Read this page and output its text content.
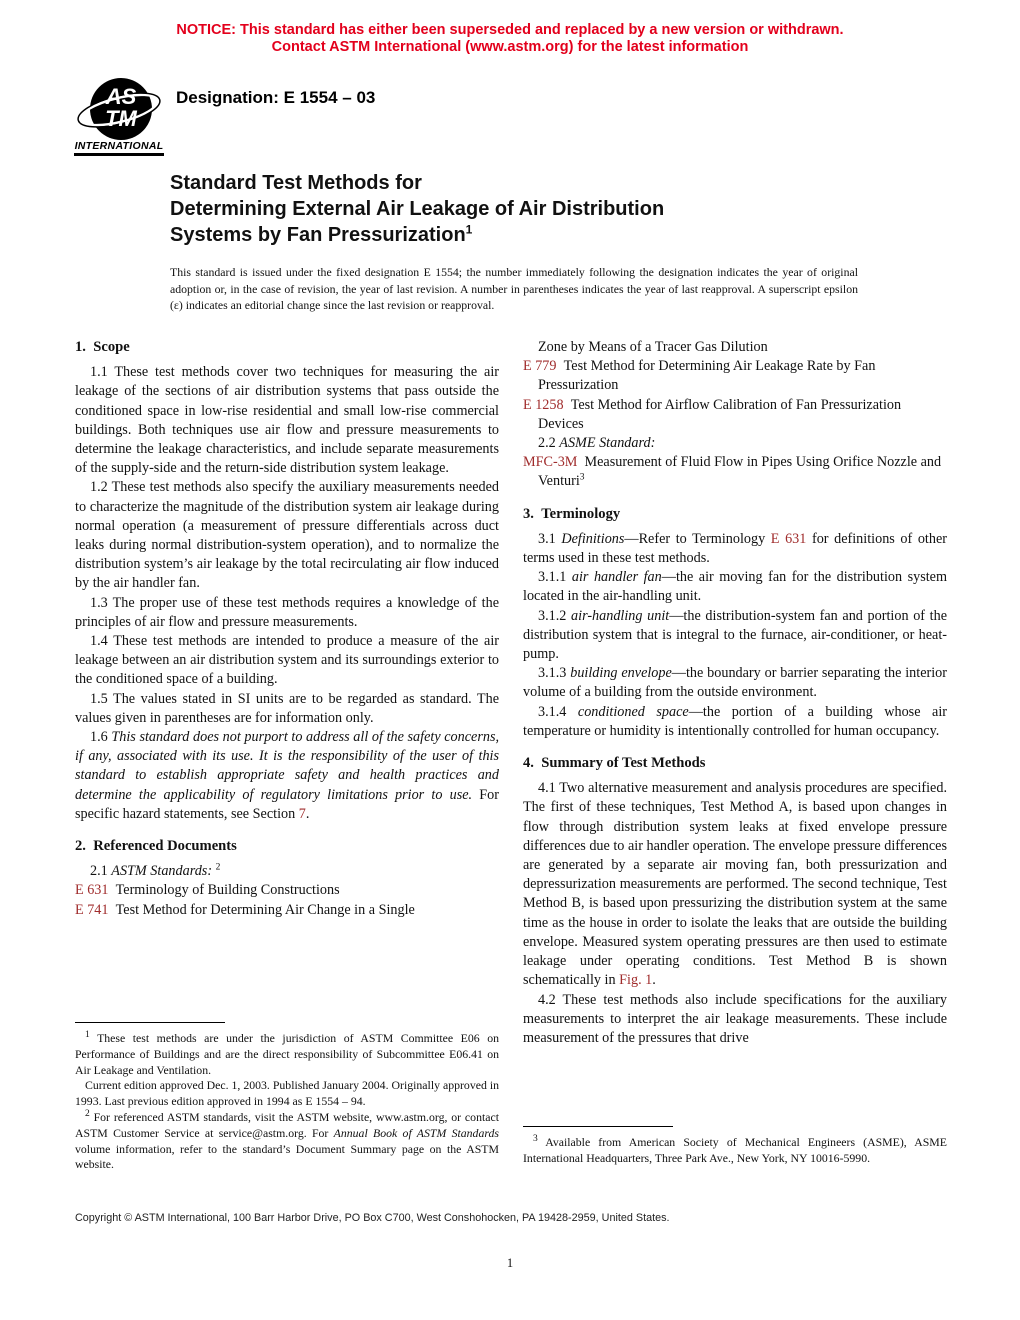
NOTICE: This standard has either been superseded and replaced by a new version or withdrawn.
Contact ASTM International (www.astm.org) for the latest information
AS
TM
INTERNATIONAL
Designation: E 1554 – 03
Standard Test Methods for
Determining External Air Leakage of Air Distribution
Systems by Fan Pressurization$^1$
This standard is issued under the fixed designation E 1554; the number immediately following the designation indicates the year of original adoption or, in the case of revision, the year of last revision. A number in parentheses indicates the year of last reapproval. A superscript epsilon (ε) indicates an editorial change since the last revision or reapproval.
1. Scope
1.1 These test methods cover two techniques for measuring the air leakage of the sections of air distribution systems that pass outside the conditioned space in low-rise residential and small low-rise commercial buildings. Both techniques use air flow and pressure measurements to determine the leakage characteristics, and include separate measurements of the supply-side and the return-side distribution system leakage.
1.2 These test methods also specify the auxiliary measurements needed to characterize the magnitude of the distribution system air leakage during normal operation (a measurement of pressure differentials across duct leaks during normal distribution-system operation), and to normalize the distribution system’s air leakage by the total recirculating air flow induced by the air handler fan.
1.3 The proper use of these test methods requires a knowledge of the principles of air flow and pressure measurements.
1.4 These test methods are intended to produce a measure of the air leakage between an air distribution system and its surroundings exterior to the conditioned space of a building.
1.5 The values stated in SI units are to be regarded as standard. The values given in parentheses are for information only.
1.6 This standard does not purport to address all of the safety concerns, if any, associated with its use. It is the responsibility of the user of this standard to establish appropriate safety and health practices and determine the applicability of regulatory limitations prior to use. For specific hazard statements, see Section 7.
2. Referenced Documents
2.1 ASTM Standards: $^2$
E 631 Terminology of Building Constructions
E 741 Test Method for Determining Air Change in a Single
Zone by Means of a Tracer Gas Dilution
E 779 Test Method for Determining Air Leakage Rate by Fan Pressurization
E 1258 Test Method for Airflow Calibration of Fan Pressurization Devices
2.2 ASME Standard:
MFC-3M Measurement of Fluid Flow in Pipes Using Orifice Nozzle and Venturi$^3$
3. Terminology
3.1 Definitions—Refer to Terminology E 631 for definitions of other terms used in these test methods.
3.1.1 air handler fan—the air moving fan for the distribution system located in the air-handling unit.
3.1.2 air-handling unit—the distribution-system fan and portion of the distribution system that is integral to the furnace, air-conditioner, or heat-pump.
3.1.3 building envelope—the boundary or barrier separating the interior volume of a building from the outside environment.
3.1.4 conditioned space—the portion of a building whose air temperature or humidity is intentionally controlled for human occupancy.
4. Summary of Test Methods
4.1 Two alternative measurement and analysis procedures are specified. The first of these techniques, Test Method A, is based upon changes in flow through distribution system leaks at fixed envelope pressure differences due to air handler operation. The envelope pressure differences are generated by a separate air moving fan, both pressurization and depressurization measurements are performed. The second technique, Test Method B, is based upon pressurizing the distribution system at the same time as the house in order to isolate the leaks that are outside the building envelope. Measured system operating pressures are then used to estimate leakage under operating conditions. Test Method B is shown schematically in Fig. 1.
4.2 These test methods also include specifications for the auxiliary measurements to interpret the air leakage measurements. These include measurement of the pressures that drive

$^1$ These test methods are under the jurisdiction of ASTM Committee E06 on Performance of Buildings and are the direct responsibility of Subcommittee E06.41 on Air Leakage and Ventilation.

Current edition approved Dec. 1, 2003. Published January 2004. Originally approved in 1993. Last previous edition approved in 1994 as E 1554 – 94.

$^2$ For referenced ASTM standards, visit the ASTM website, www.astm.org, or contact ASTM Customer Service at service@astm.org. For Annual Book of ASTM Standards volume information, refer to the standard’s Document Summary page on the ASTM website.

$^3$ Available from American Society of Mechanical Engineers (ASME), ASME International Headquarters, Three Park Ave., New York, NY 10016-5990.

Copyright © ASTM International, 100 Barr Harbor Drive, PO Box C700, West Conshohocken, PA 19428-2959, United States.
1
